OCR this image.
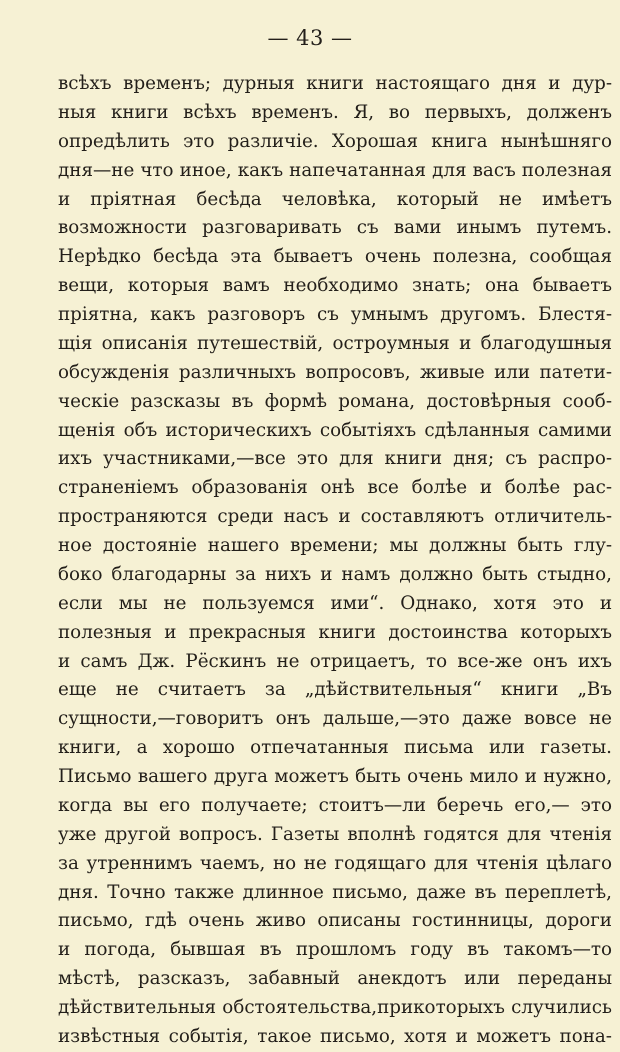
— 43 —
всѣхъ временъ; дурныя книги настоящаго дня и дур-
ныя книги всѣхъ временъ. Я, во первыхъ, долженъ
опредѣлить это различіе. Хорошая книга нынѣшняго
дня—не что иное, какъ напечатанная для васъ полезная
и пріятная бесѣда человѣка, который не имѣетъ
возможности разговаривать съ вами инымъ путемъ.
Нерѣдко бесѣда эта бываетъ очень полезна, сообщая
вещи, которыя вамъ необходимо знать; она бываетъ
пріятна, какъ разговоръ съ умнымъ другомъ. Блестя-
щія описанія путешествій, остроумныя и благодушныя
обсужденія различныхъ вопросовъ, живые или патети-
ческіе разсказы въ формѣ романа, достовѣрныя сооб-
щенія объ историческихъ событіяхъ сдѣланныя самими
ихъ участниками,—все это для книги дня; съ распро-
страненіемъ образованія онѣ все болѣе и болѣе рас-
пространяются среди насъ и составляютъ отличитель-
ное достояніе нашего времени; мы должны быть глу-
боко благодарны за нихъ и намъ должно быть стыдно,
если мы не пользуемся ими“. Однако, хотя это и
полезныя и прекрасныя книги достоинства которыхъ
и самъ Дж. Рёскинъ не отрицаетъ, то все-же онъ ихъ
еще не считаетъ за „дѣйствительныя“ книги „Въ
сущности,—говоритъ онъ дальше,—это даже вовсе не
книги, а хорошо отпечатанныя письма или газеты.
Письмо вашего друга можетъ быть очень мило и нужно,
когда вы его получаете; стоитъ—ли беречь его,— это
уже другой вопросъ. Газеты вполнѣ годятся для чтенія
за утреннимъ чаемъ, но не годящаго для чтенія цѣлаго
дня. Точно также длинное письмо, даже въ переплетѣ,
письмо, гдѣ очень живо описаны гостинницы, дороги
и погода, бывшая въ прошломъ году въ такомъ—то
мѣстѣ, разсказъ, забавный анекдотъ или переданы
дѣйствительныя обстоятельства,прикоторыхъ случились
извѣстныя событія, такое письмо, хотя и можетъ пона-
